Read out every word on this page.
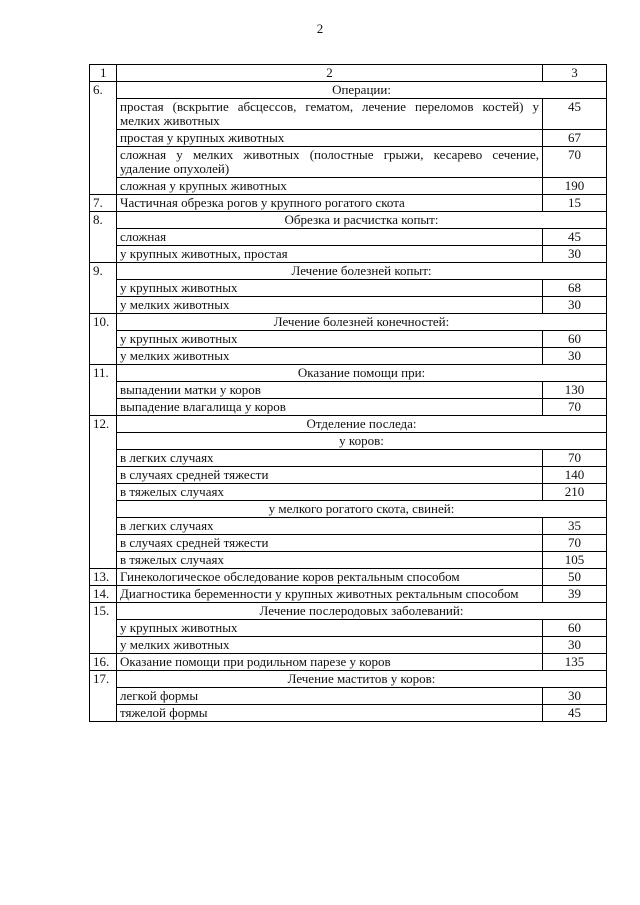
2
1	2	3
6.	Операции:	
	простая (вскрытие абсцессов, гематом, лечение переломов костей) у мелких животных	45
	простая у крупных животных	67
	сложная у мелких животных (полостные грыжи, кесарево сечение, удаление опухолей)	70
	сложная у крупных животных	190
7.	Частичная обрезка рогов у крупного рогатого скота	15
8.	Обрезка и расчистка копыт:	
	сложная	45
	у крупных животных, простая	30
9.	Лечение болезней копыт:	
	у крупных животных	68
	у мелких животных	30
10.	Лечение болезней конечностей:	
	у крупных животных	60
	у мелких животных	30
11.	Оказание помощи при:	
	выпадении матки у коров	130
	выпадение влагалища у коров	70
12.	Отделение последа:	
	у коров:	
	в легких случаях	70
	в случаях средней тяжести	140
	в тяжелых случаях	210
	у мелкого рогатого скота, свиней:	
	в легких случаях	35
	в случаях средней тяжести	70
	в тяжелых случаях	105
13.	Гинекологическое обследование коров ректальным способом	50
14.	Диагностика беременности у крупных животных ректальным способом	39
15.	Лечение послеродовых заболеваний:	
	у крупных животных	60
	у мелких животных	30
16.	Оказание помощи при родильном парезе у коров	135
17.	Лечение маститов у коров:	
	легкой формы	30
	тяжелой формы	45
